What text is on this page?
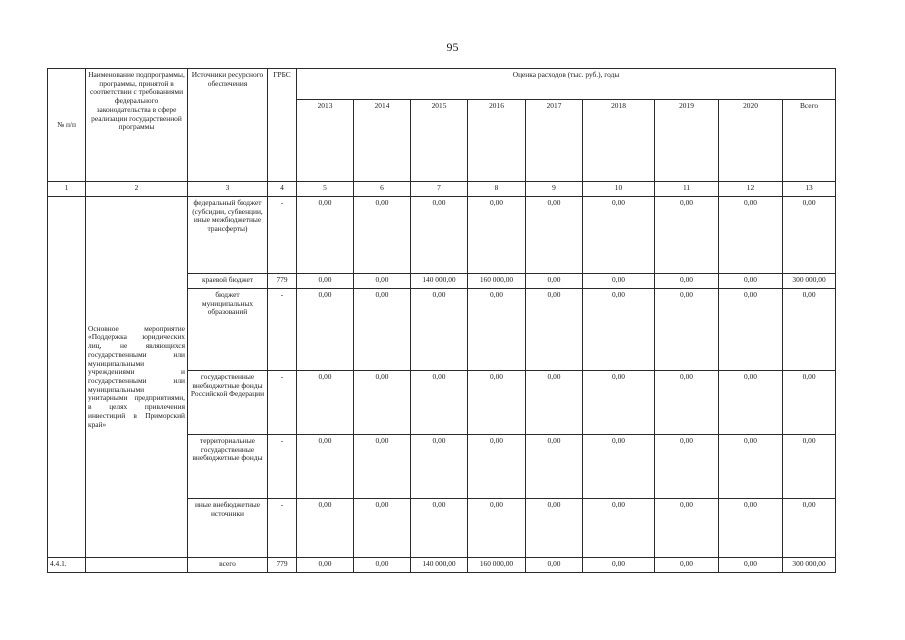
95
№ п/п	Наименование подпрограммы, программы, принятой в соответствии с требованиями федерального законодательства в сфере реализации государственной программы	Источники ресурсного обеспечения	ГРБС	Оценка расходов (тыс. руб.), годы								
				2013	2014	2015	2016	2017	2018	2019	2020	Всего
1	2	3	4	5	6	7	8	9	10	11	12	13
	Основное мероприятие «Поддержка юридических лиц, не являющихся государственными или муниципальными учреждениями и государственными или муниципальными унитарными предприятиями, в целях привлечения инвестиций в Приморский край»	федеральный бюджет (субсидии, субвенции, иные межбюджетные трансферты)	-	0,00	0,00	0,00	0,00	0,00	0,00	0,00	0,00	0,00
		краевой бюджет	779	0,00	0,00	140 000,00	160 000,00	0,00	0,00	0,00	0,00	300 000,00
		бюджет муниципальных образований	-	0,00	0,00	0,00	0,00	0,00	0,00	0,00	0,00	0,00
		государственные внебюджетные фонды Российской Федерации	-	0,00	0,00	0,00	0,00	0,00	0,00	0,00	0,00	0,00
		территориальные государственные внебюджетные фонды	-	0,00	0,00	0,00	0,00	0,00	0,00	0,00	0,00	0,00
		иные внебюджетные источники	-	0,00	0,00	0,00	0,00	0,00	0,00	0,00	0,00	0,00
4.4.1.		всего	779	0,00	0,00	140 000,00	160 000,00	0,00	0,00	0,00	0,00	300 000,00
